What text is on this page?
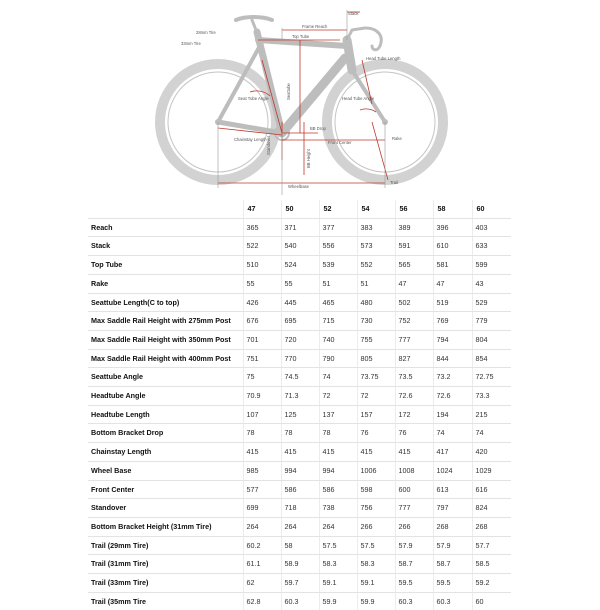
28mm Tire
33mm Tire
Frame Reach
Stack
Top Tube
Seattube
Head Tube Length
Seat Tube Angle	Head Tube Angle
Chainstay Length
Front Center
BB Drop
BB Height
Standover	Rake
Trail
Wheelbase
	47	50	52	54	56	58	60
Reach	365	371	377	383	389	396	403
Stack	522	540	556	573	591	610	633
Top Tube	510	524	539	552	565	581	599
Rake	55	55	51	51	47	47	43
Seattube Length(C to top)	426	445	465	480	502	519	529
Max Saddle Rail Height with 275mm Post	676	695	715	730	752	769	779
Max Saddle Rail Height with 350mm Post	701	720	740	755	777	794	804
Max Saddle Rail Height with 400mm Post	751	770	790	805	827	844	854
Seattube Angle	75	74.5	74	73.75	73.5	73.2	72.75
Headtube Angle	70.9	71.3	72	72	72.6	72.6	73.3
Headtube Length	107	125	137	157	172	194	215
Bottom Bracket Drop	78	78	78	76	76	74	74
Chainstay Length	415	415	415	415	415	417	420
Wheel Base	985	994	994	1006	1008	1024	1029
Front Center	577	586	586	598	600	613	616
Standover	699	718	738	756	777	797	824
Bottom Bracket Height (31mm Tire)	264	264	264	266	266	268	268
Trail (29mm Tire)	60.2	58	57.5	57.5	57.9	57.9	57.7
Trail (31mm Tire)	61.1	58.9	58.3	58.3	58.7	58.7	58.5
Trail (33mm Tire)	62	59.7	59.1	59.1	59.5	59.5	59.2
Trail (35mm Tire	62.8	60.3	59.9	59.9	60.3	60.3	60
